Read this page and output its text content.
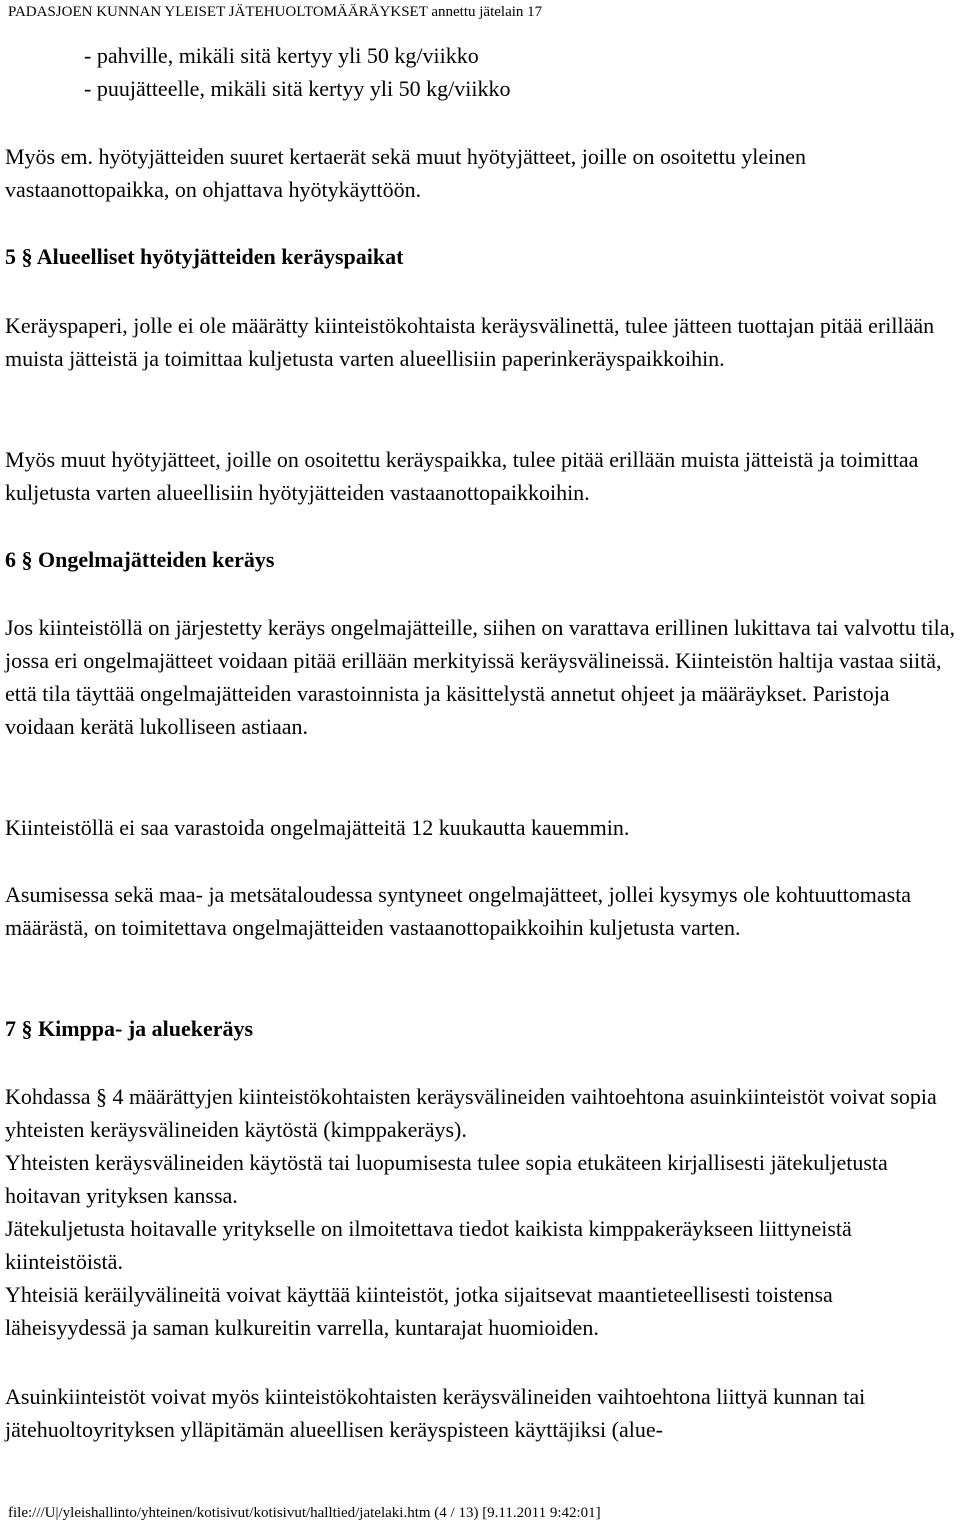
PADASJOEN KUNNAN YLEISET JÄTEHUOLTOMÄÄRÄYKSET annettu jätelain 17

- pahville, mikäli sitä kertyy yli 50 kg/viikko

- puujätteelle, mikäli sitä kertyy yli 50 kg/viikko

Myös em. hyötyjätteiden suuret kertaerät sekä muut hyötyjätteet, joille on osoitettu yleinen vastaanottopaikka, on ohjattava hyötykäyttöön.

5 § Alueelliset hyötyjätteiden keräyspaikat

Keräyspaperi, jolle ei ole määrätty kiinteistökohtaista keräysvälinettä, tulee jätteen tuottajan pitää erillään muista jätteistä ja toimittaa kuljetusta varten alueellisiin paperinkeräyspaikkoihin.

Myös muut hyötyjätteet, joille on osoitettu keräyspaikka, tulee pitää erillään muista jätteistä ja toimittaa kuljetusta varten alueellisiin hyötyjätteiden vastaanottopaikkoihin.

6 § Ongelmajätteiden keräys

Jos kiinteistöllä on järjestetty keräys ongelmajätteille, siihen on varattava erillinen lukittava tai valvottu tila, jossa eri ongelmajätteet voidaan pitää erillään merkityissä keräysvälineissä. Kiinteistön haltija vastaa siitä, että tila täyttää ongelmajätteiden varastoinnista ja käsittelystä annetut ohjeet ja määräykset. Paristoja voidaan kerätä lukolliseen astiaan.

Kiinteistöllä ei saa varastoida ongelmajätteitä 12 kuukautta kauemmin.

Asumisessa sekä maa- ja metsätaloudessa syntyneet ongelmajätteet, jollei kysymys ole kohtuuttomasta määrästä, on toimitettava ongelmajätteiden vastaanottopaikkoihin kuljetusta varten.

7 § Kimppa- ja aluekeräys

Kohdassa § 4 määrättyjen kiinteistökohtaisten keräysvälineiden vaihtoehtona asuinkiinteistöt voivat sopia yhteisten keräysvälineiden käytöstä (kimppakeräys).

Yhteisten keräysvälineiden käytöstä tai luopumisesta tulee sopia etukäteen kirjallisesti jätekuljetusta hoitavan yrityksen kanssa.

Jätekuljetusta hoitavalle yritykselle on ilmoitettava tiedot kaikista kimppakeräykseen liittyneistä kiinteistöistä.

Yhteisiä keräilyvälineitä voivat käyttää kiinteistöt, jotka sijaitsevat maantieteellisesti toistensa läheisyydessä ja saman kulkureitin varrella, kuntarajat huomioiden.

Asuinkiinteistöt voivat myös kiinteistökohtaisten keräysvälineiden vaihtoehtona liittyä kunnan tai jätehuoltoyrityksen ylläpitämän alueellisen keräyspisteen käyttäjiksi (alue-

file:///U|/yleishallinto/yhteinen/kotisivut/kotisivut/halltied/jatelaki.htm (4 / 13) [9.11.2011 9:42:01]
